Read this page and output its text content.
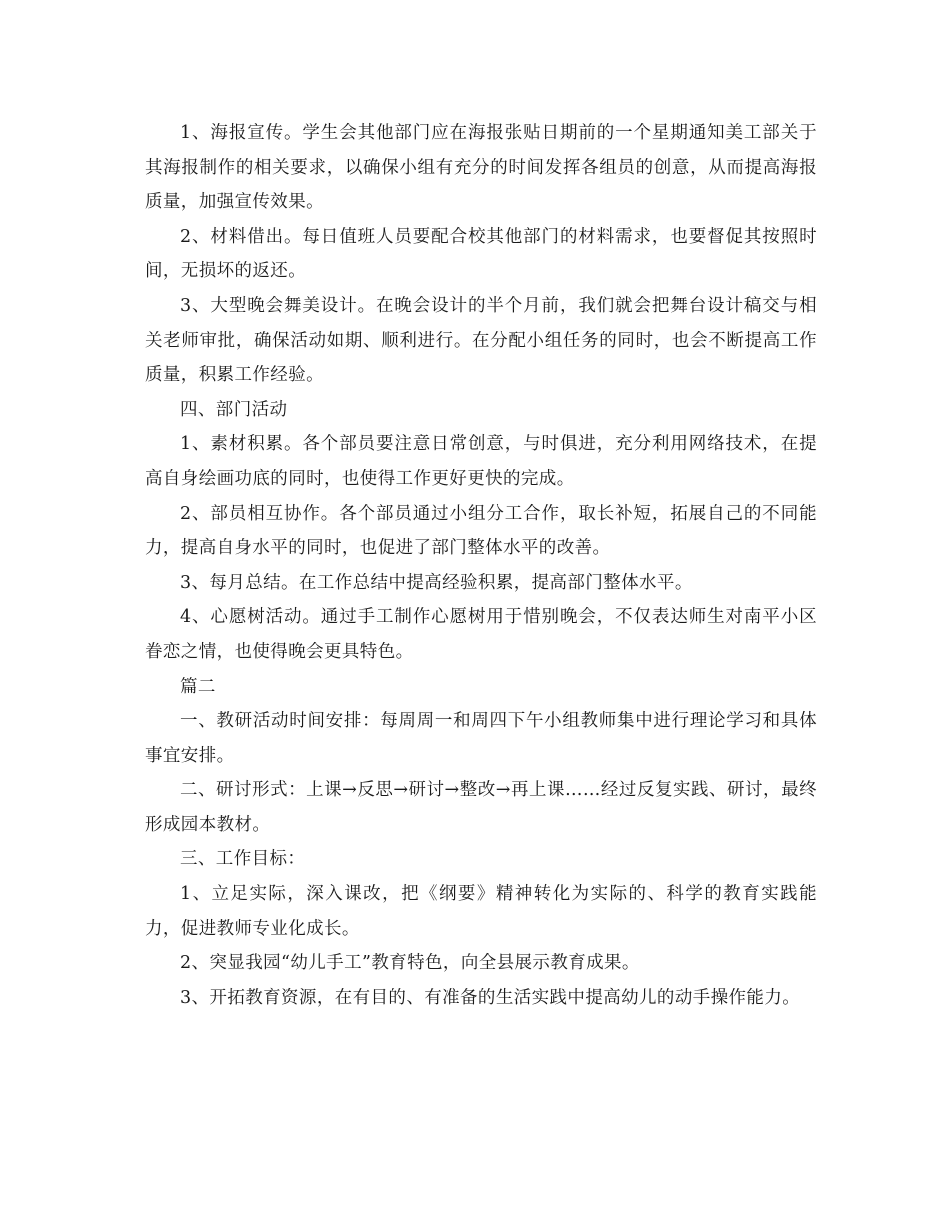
1、海报宣传。学生会其他部门应在海报张贴日期前的一个星期通知美工部关于其海报制作的相关要求，以确保小组有充分的时间发挥各组员的创意，从而提高海报质量，加强宣传效果。

2、材料借出。每日值班人员要配合校其他部门的材料需求，也要督促其按照时间，无损坏的返还。

3、大型晚会舞美设计。在晚会设计的半个月前，我们就会把舞台设计稿交与相关老师审批，确保活动如期、顺利进行。在分配小组任务的同时，也会不断提高工作质量，积累工作经验。

四、部门活动

1、素材积累。各个部员要注意日常创意，与时俱进，充分利用网络技术，在提高自身绘画功底的同时，也使得工作更好更快的完成。

2、部员相互协作。各个部员通过小组分工合作，取长补短，拓展自己的不同能力，提高自身水平的同时，也促进了部门整体水平的改善。

3、每月总结。在工作总结中提高经验积累，提高部门整体水平。

4、心愿树活动。通过手工制作心愿树用于惜别晚会，不仅表达师生对南平小区眷恋之情，也使得晚会更具特色。

篇二

一、教研活动时间安排：每周周一和周四下午小组教师集中进行理论学习和具体事宜安排。

二、研讨形式：上课→反思→研讨→整改→再上课……经过反复实践、研讨，最终形成园本教材。

三、工作目标：

1、立足实际，深入课改，把《纲要》精神转化为实际的、科学的教育实践能力，促进教师专业化成长。

2、突显我园“幼儿手工”教育特色，向全县展示教育成果。

3、开拓教育资源，在有目的、有准备的生活实践中提高幼儿的动手操作能力。
